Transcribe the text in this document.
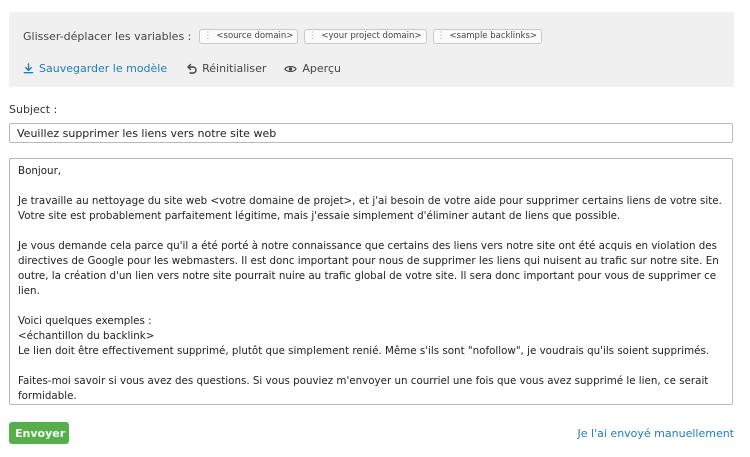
Glisser-déplacer les variables : ⋮ <source domain> ⋮ <your project domain> ⋮ <sample backlinks>
Sauvegarder le modèle	Réinitialiser	Aperçu
Subject :
Veuillez supprimer les liens vers notre site web

Bonjour,

Je travaille au nettoyage du site web <votre domaine de projet>, et j'ai besoin de votre aide pour supprimer certains liens de votre site. Votre site est probablement parfaitement légitime, mais j'essaie simplement d'éliminer autant de liens que possible.

Je vous demande cela parce qu'il a été porté à notre connaissance que certains des liens vers notre site ont été acquis en violation des directives de Google pour les webmasters. Il est donc important pour nous de supprimer les liens qui nuisent au trafic sur notre site. En outre, la création d'un lien vers notre site pourrait nuire au trafic global de votre site. Il sera donc important pour vous de supprimer ce lien.

Voici quelques exemples :

<échantillon du backlink>

Le lien doit être effectivement supprimé, plutôt que simplement renié. Même s'ils sont "nofollow", je voudrais qu'ils soient supprimés.

Faites-moi savoir si vous avez des questions. Si vous pouviez m'envoyer un courriel une fois que vous avez supprimé le lien, ce serait formidable.

Envoyer	Je l'ai envoyé manuellement
